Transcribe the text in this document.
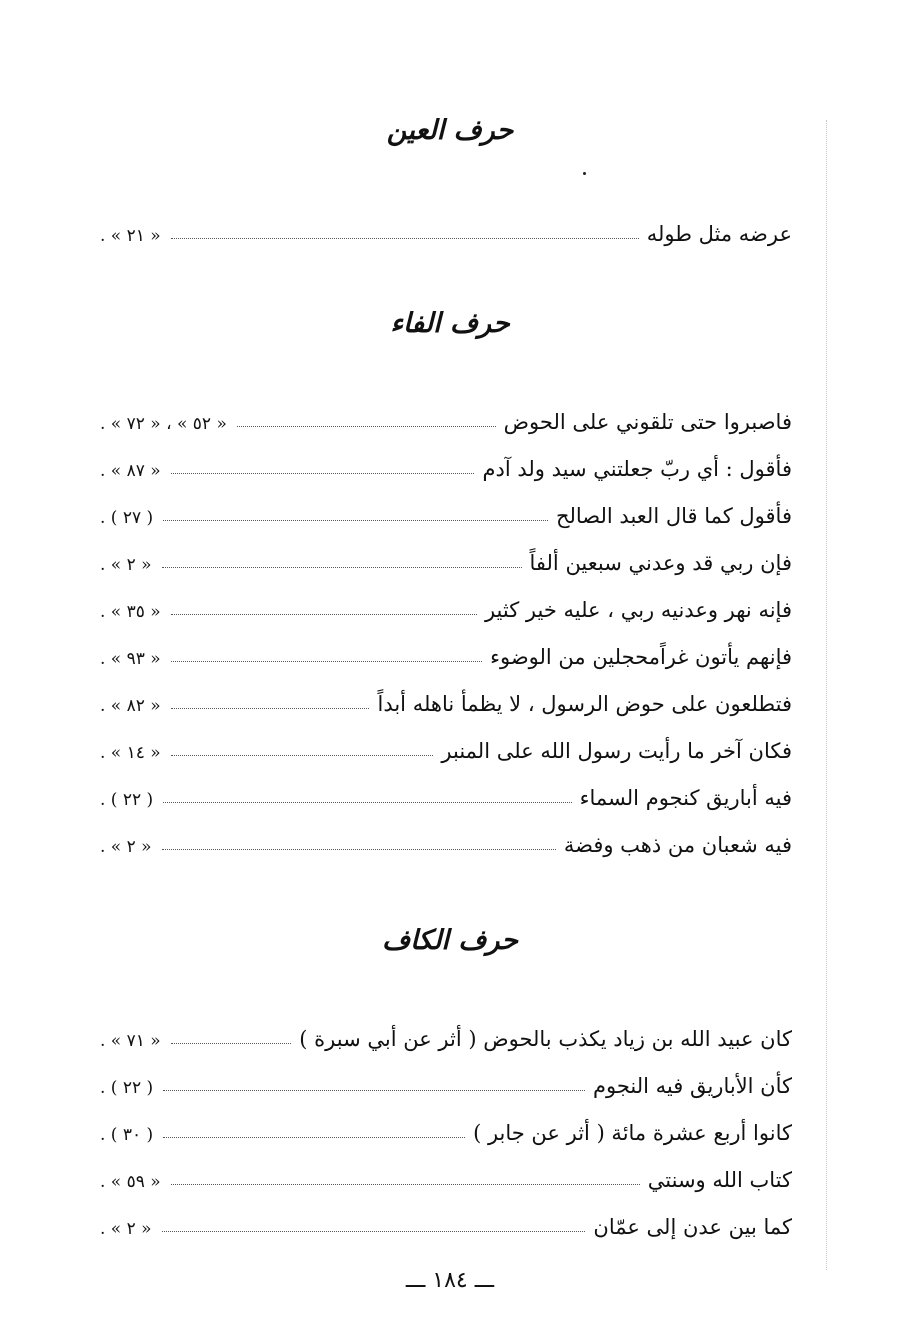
حرف العين
عرضه مثل طوله
« ٢١ » .
حرف الفاء
فاصبروا حتى تلقوني على الحوض
« ٥٢ » ، « ٧٢ » .
فأقول : أي ربّ جعلتني سيد ولد آدم
« ٨٧ » .
فأقول كما قال العبد الصالح
( ٢٧ ) .
فإن ربي قد وعدني سبعين ألفاً
« ٢ » .
فإنه نهر وعدنيه ربي ، عليه خير كثير
« ٣٥ » .
فإنهم يأتون غراًمحجلين من الوضوء
« ٩٣ » .
فتطلعون على حوض الرسول ، لا يظمأ ناهله أبداً
« ٨٢ » .
فكان آخر ما رأيت رسول الله على المنبر
« ١٤ » .
فيه أباريق كنجوم السماء
( ٢٢ ) .
فيه شعبان من ذهب وفضة
« ٢ » .
حرف الكاف
كان عبيد الله بن زياد يكذب بالحوض ( أثر عن أبي سبرة )
« ٧١ » .
كأن الأباريق فيه النجوم
( ٢٢ ) .
كانوا أربع عشرة مائة ( أثر عن جابر )
( ٣٠ ) .
كتاب الله وسنتي
« ٥٩ » .
كما بين عدن إلى عمّان
« ٢ » .
ـــ ١٨٤ ـــ
